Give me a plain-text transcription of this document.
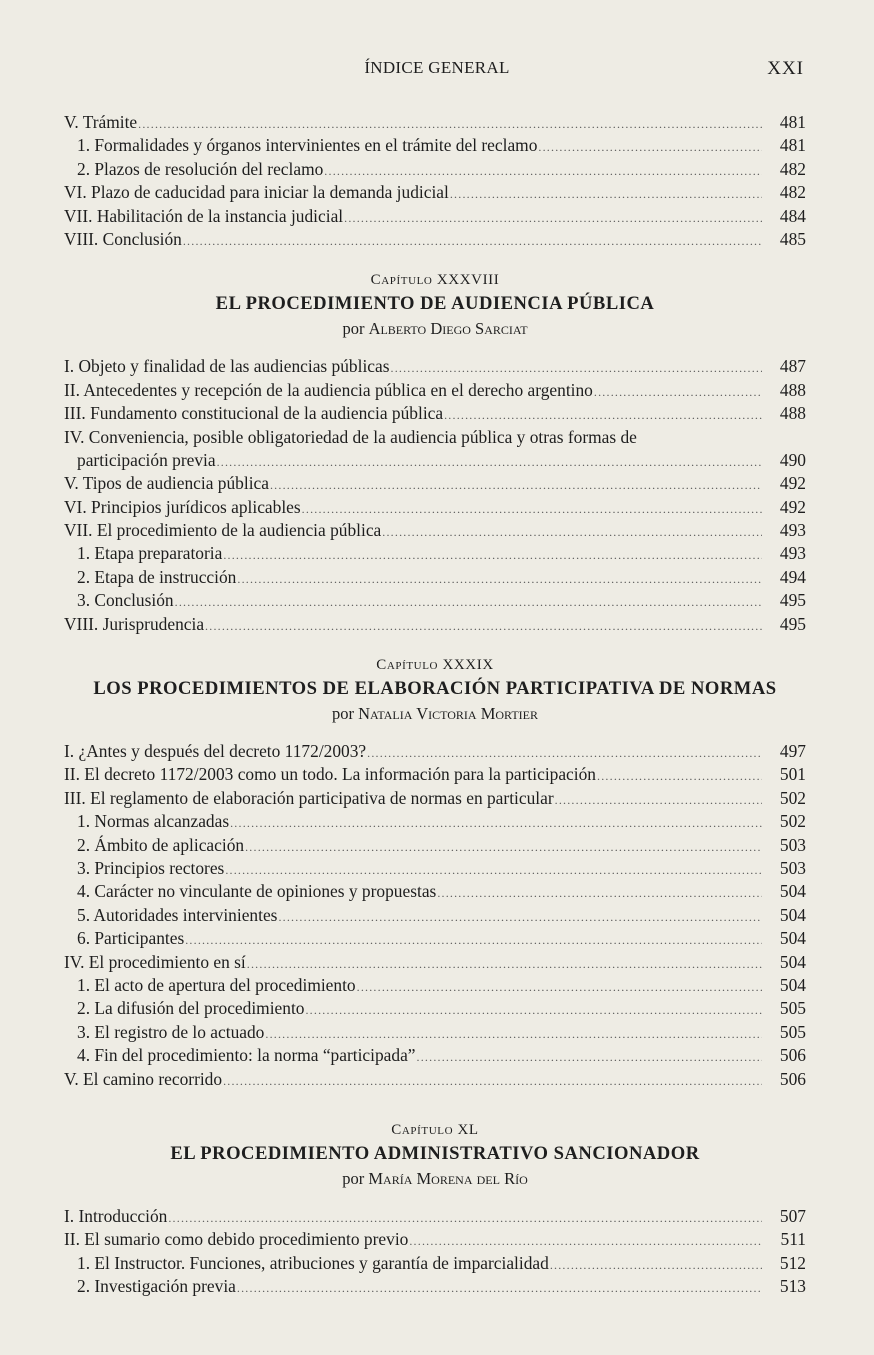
ÍNDICE GENERAL	XXI
V. Trámite .....	481
1. Formalidades y órganos intervinientes en el trámite del reclamo .....	481
2. Plazos de resolución del reclamo .....	482
VI. Plazo de caducidad para iniciar la demanda judicial .....	482
VII. Habilitación de la instancia judicial .....	484
VIII. Conclusión .....	485
Capítulo XXXVIII
EL PROCEDIMIENTO DE AUDIENCIA PÚBLICA
por Alberto Diego Sarciat
I. Objeto y finalidad de las audiencias públicas .....	487
II. Antecedentes y recepción de la audiencia pública en el derecho argentino .....	488
III. Fundamento constitucional de la audiencia pública .....	488
IV. Conveniencia, posible obligatoriedad de la audiencia pública y otras formas de
participación previa .....	490
V. Tipos de audiencia pública .....	492
VI. Principios jurídicos aplicables .....	492
VII. El procedimiento de la audiencia pública .....	493
1. Etapa preparatoria .....	493
2. Etapa de instrucción .....	494
3. Conclusión .....	495
VIII. Jurisprudencia .....	495
Capítulo XXXIX
LOS PROCEDIMIENTOS DE ELABORACIÓN PARTICIPATIVA DE NORMAS
por Natalia Victoria Mortier
I. ¿Antes y después del decreto 1172/2003? .....	497
II. El decreto 1172/2003 como un todo. La información para la participación .....	501
III. El reglamento de elaboración participativa de normas en particular .....	502
1. Normas alcanzadas .....	502
2. Ámbito de aplicación .....	503
3. Principios rectores .....	503
4. Carácter no vinculante de opiniones y propuestas .....	504
5. Autoridades intervinientes .....	504
6. Participantes .....	504
IV. El procedimiento en sí .....	504
1. El acto de apertura del procedimiento .....	504
2. La difusión del procedimiento .....	505
3. El registro de lo actuado .....	505
4. Fin del procedimiento: la norma “participada” .....	506
V. El camino recorrido .....	506
Capítulo XL
EL PROCEDIMIENTO ADMINISTRATIVO SANCIONADOR
por María Morena del Río
I. Introducción .....	507
II. El sumario como debido procedimiento previo .....	511
1. El Instructor. Funciones, atribuciones y garantía de imparcialidad .....	512
2. Investigación previa .....	513
